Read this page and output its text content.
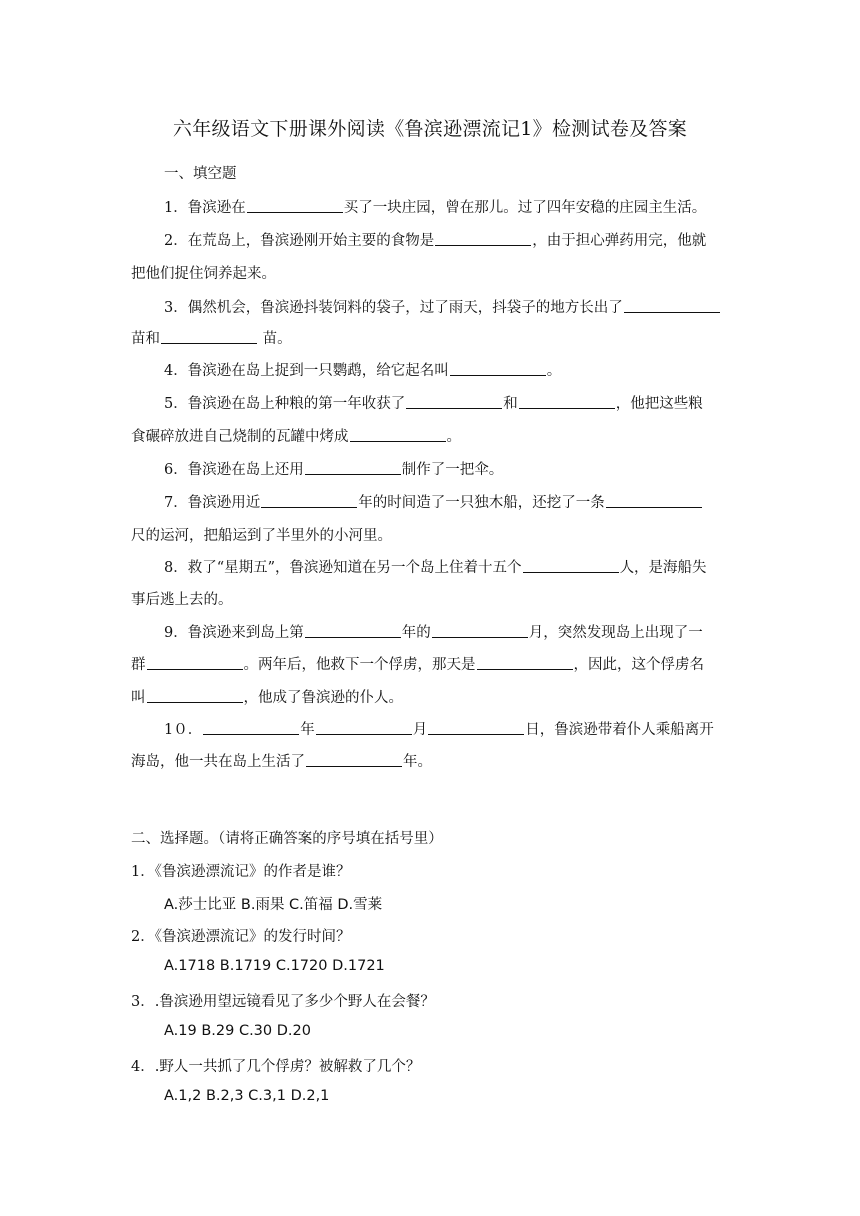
六年级语文下册课外阅读《鲁滨逊漂流记1》检测试卷及答案
一、填空题
1．鲁滨逊在	买了一块庄园，曾在那儿。过了四年安稳的庄园主生活。
2．在荒岛上，鲁滨逊刚开始主要的食物是	，由于担心弹药用完，他就
把他们捉住饲养起来。
3．偶然机会，鲁滨逊抖装饲料的袋子，过了雨天，抖袋子的地方长出了
苗和	苗。
4．鲁滨逊在岛上捉到一只鹦鹉，给它起名叫	。
5．鲁滨逊在岛上种粮的第一年收获了	和	，他把这些粮
食碾碎放进自己烧制的瓦罐中烤成	。
6．鲁滨逊在岛上还用	制作了一把伞。
7．鲁滨逊用近	年的时间造了一只独木船，还挖了一条
尺的运河，把船运到了半里外的小河里。
8．救了“星期五”，鲁滨逊知道在另一个岛上住着十五个	人，是海船失
事后逃上去的。
9．鲁滨逊来到岛上第	年的	月，突然发现岛上出现了一
群	。两年后，他救下一个俘虏，那天是	，因此，这个俘虏名
叫	，他成了鲁滨逊的仆人。
1０．	年	月	日，鲁滨逊带着仆人乘船离开
海岛，他一共在岛上生活了	年。
二、选择题。（请将正确答案的序号填在括号里）
1．《鲁滨逊漂流记》的作者是谁？
A.莎士比亚 B.雨果 C.笛福 D.雪莱
2．《鲁滨逊漂流记》的发行时间？
A.1718 B.1719 C.1720 D.1721
3．.鲁滨逊用望远镜看见了多少个野人在会餐？
A.19 B.29 C.30 D.20
4．.野人一共抓了几个俘虏？被解救了几个？
A.1,2 B.2,3 C.3,1 D.2,1
